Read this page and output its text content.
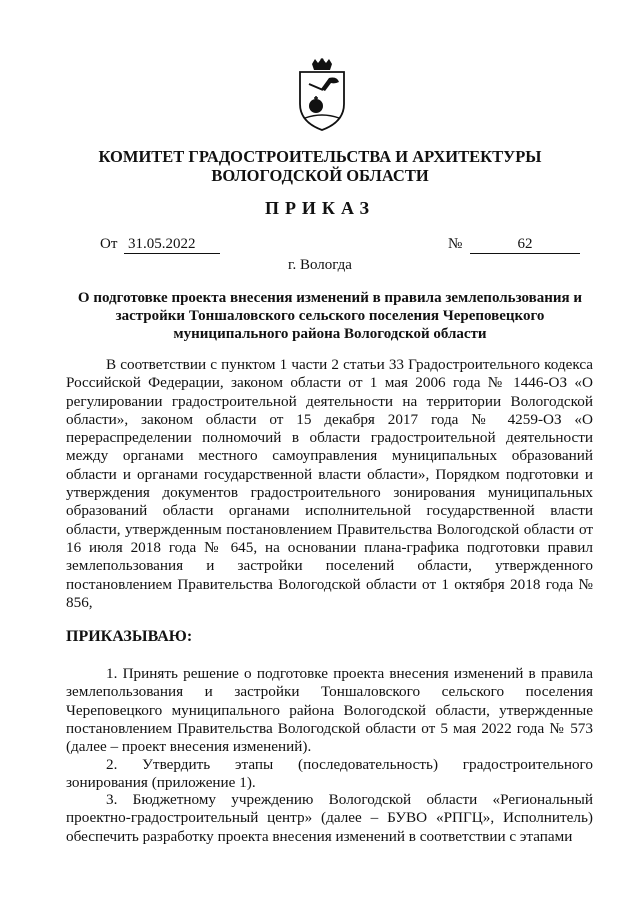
КОМИТЕТ ГРАДОСТРОИТЕЛЬСТВА И АРХИТЕКТУРЫ
ВОЛОГОДСКОЙ ОБЛАСТИ
ПРИКАЗ
От 31.05.2022	№	62
г. Вологда
О подготовке проекта внесения изменений в правила землепользования и застройки Тоншаловского сельского поселения Череповецкого муниципального района Вологодской области

В соответствии с пунктом 1 части 2 статьи 33 Градостроительного кодекса Российской Федерации, законом области от 1 мая 2006 года № 1446-ОЗ «О регулировании градостроительной деятельности на территории Вологодской области», законом области от 15 декабря 2017 года № 4259-ОЗ «О перераспределении полномочий в области градостроительной деятельности между органами местного самоуправления муниципальных образований области и органами государственной власти области», Порядком подготовки и утверждения документов градостроительного зонирования муниципальных образований области органами исполнительной государственной власти области, утвержденным постановлением Правительства Вологодской области от 16 июля 2018 года № 645, на основании плана-графика подготовки правил землепользования и застройки поселений области, утвержденного постановлением Правительства Вологодской области от 1 октября 2018 года № 856,

ПРИКАЗЫВАЮ:

1. Принять решение о подготовке проекта внесения изменений в правила землепользования и застройки Тоншаловского сельского поселения Череповецкого муниципального района Вологодской области, утвержденные постановлением Правительства Вологодской области от 5 мая 2022 года № 573 (далее – проект внесения изменений).

2. Утвердить этапы (последовательность) градостроительного зонирования (приложение 1).

3. Бюджетному учреждению Вологодской области «Региональный проектно-градостроительный центр» (далее – БУВО «РПГЦ», Исполнитель) обеспечить разработку проекта внесения изменений в соответствии с этапами
